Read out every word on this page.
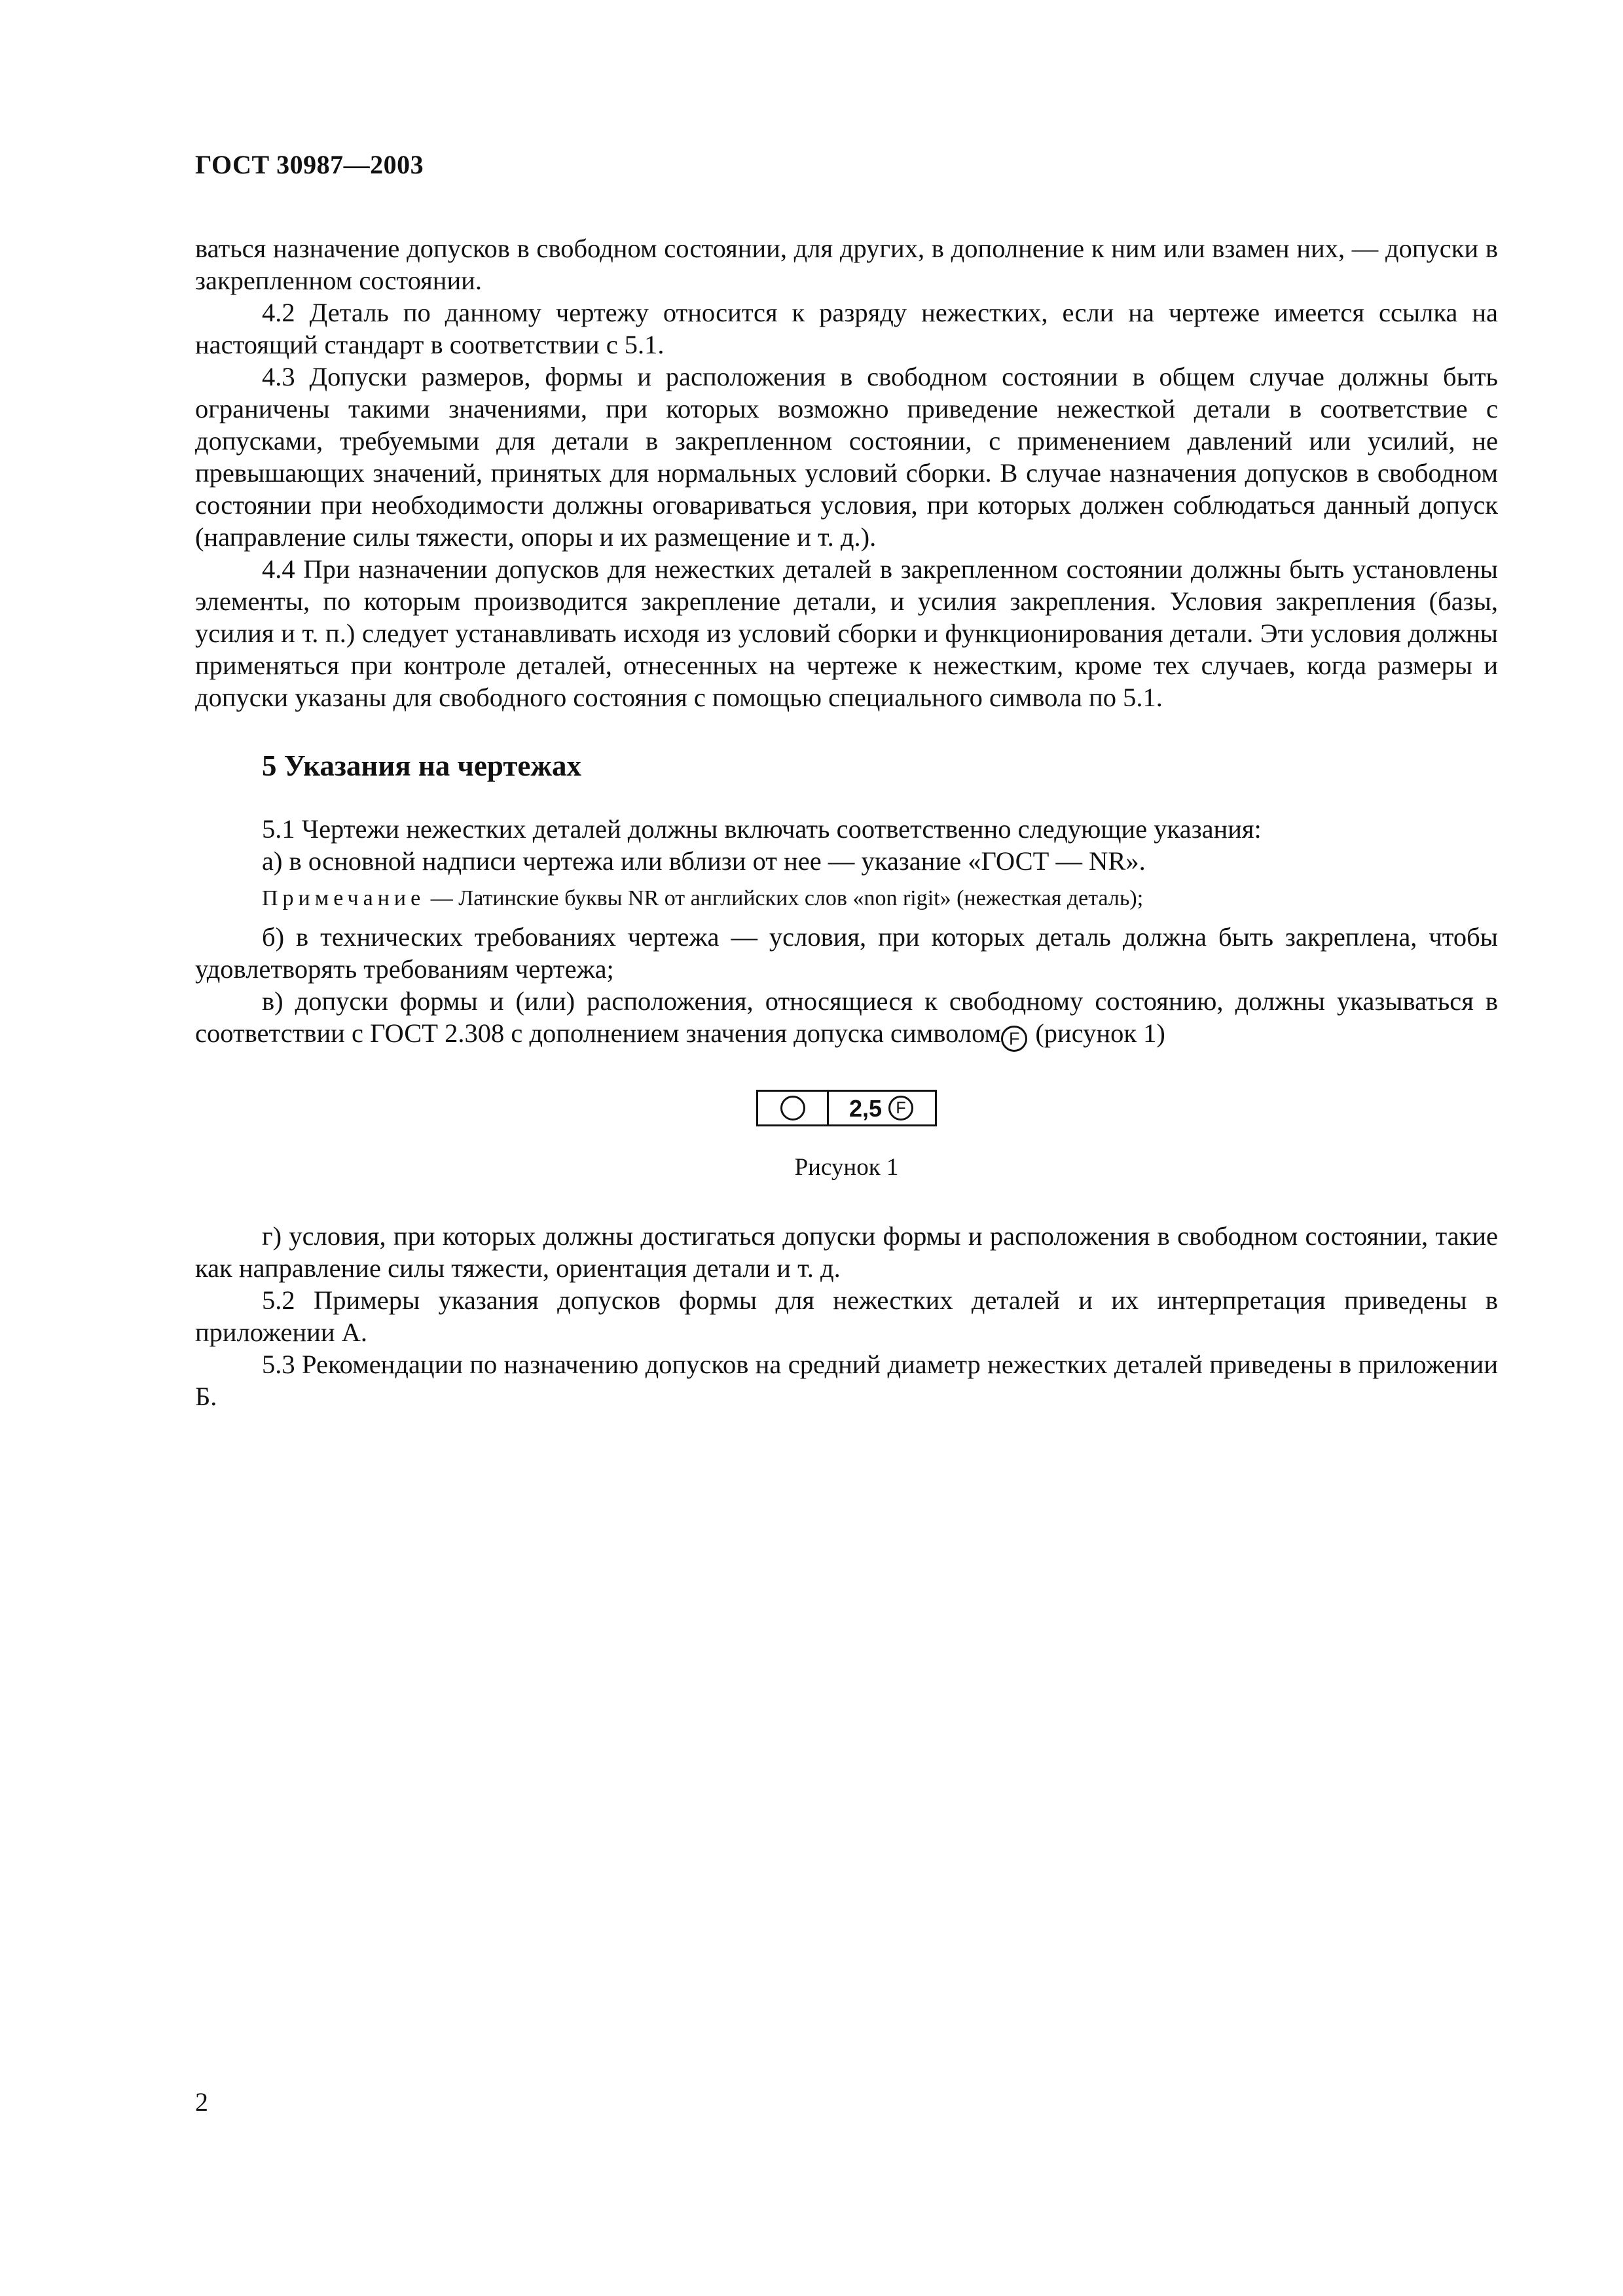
ГОСТ 30987—2003

ваться назначение допусков в свободном состоянии, для других, в дополнение к ним или взамен них, — допуски в закрепленном состоянии.

4.2 Деталь по данному чертежу относится к разряду нежестких, если на чертеже имеется ссылка на настоящий стандарт в соответствии с 5.1.

4.3 Допуски размеров, формы и расположения в свободном состоянии в общем случае должны быть ограничены такими значениями, при которых возможно приведение нежесткой детали в соответствие с допусками, требуемыми для детали в закрепленном состоянии, с применением давлений или усилий, не превышающих значений, принятых для нормальных условий сборки. В случае назначения допусков в свободном состоянии при необходимости должны оговариваться условия, при которых должен соблюдаться данный допуск (направление силы тяжести, опоры и их размещение и т. д.).

4.4 При назначении допусков для нежестких деталей в закрепленном состоянии должны быть установлены элементы, по которым производится закрепление детали, и усилия закрепления. Условия закрепления (базы, усилия и т. п.) следует устанавливать исходя из условий сборки и функционирования детали. Эти условия должны применяться при контроле деталей, отнесенных на чертеже к нежестким, кроме тех случаев, когда размеры и допуски указаны для свободного состояния с помощью специального символа по 5.1.

5 Указания на чертежах

5.1 Чертежи нежестких деталей должны включать соответственно следующие указания:

а) в основной надписи чертежа или вблизи от нее — указание «ГОСТ — NR».

Примечание — Латинские буквы NR от английских слов «non rigit» (нежесткая деталь);

б) в технических требованиях чертежа — условия, при которых деталь должна быть закреплена, чтобы удовлетворять требованиям чертежа;

в) допуски формы и (или) расположения, относящиеся к свободному состоянию, должны указываться в соответствии с ГОСТ 2.308 с дополнением значения допуска символом F (рисунок 1)

2,5 F

Рисунок 1

г) условия, при которых должны достигаться допуски формы и расположения в свободном состоянии, такие как направление силы тяжести, ориентация детали и т. д.

5.2 Примеры указания допусков формы для нежестких деталей и их интерпретация приведены в приложении А.

5.3 Рекомендации по назначению допусков на средний диаметр нежестких деталей приведены в приложении Б.

2
